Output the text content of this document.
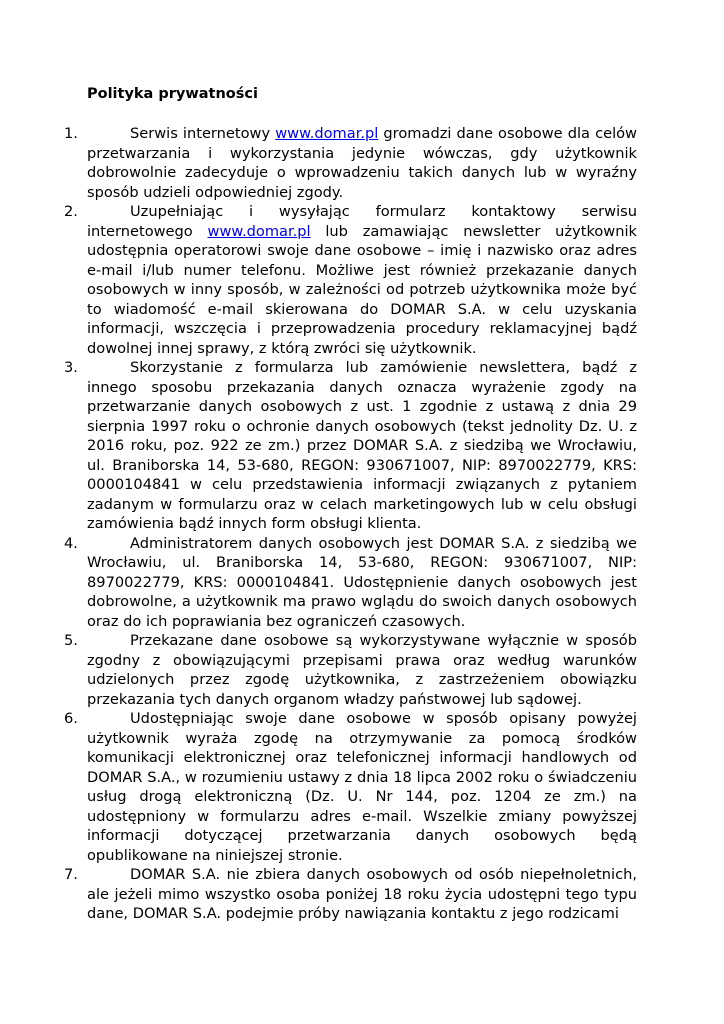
Polityka prywatności
1.	Serwis internetowy www.domar.pl gromadzi dane osobowe dla celów przetwarzania i wykorzystania jedynie wówczas, gdy użytkownik dobrowolnie zadecyduje o wprowadzeniu takich danych lub w wyraźny sposób udzieli odpowiedniej zgody.

2.	Uzupełniając i wysyłając formularz kontaktowy serwisu internetowego www.domar.pl lub zamawiając newsletter użytkownik udostępnia operatorowi swoje dane osobowe – imię i nazwisko oraz adres e-mail i/lub numer telefonu. Możliwe jest również przekazanie danych osobowych w inny sposób, w zależności od potrzeb użytkownika może być to wiadomość e-mail skierowana do DOMAR S.A. w celu uzyskania informacji, wszczęcia i przeprowadzenia procedury reklamacyjnej bądź dowolnej innej sprawy, z którą zwróci się użytkownik.

3.	Skorzystanie z formularza lub zamówienie newslettera, bądź z innego sposobu przekazania danych oznacza wyrażenie zgody na przetwarzanie danych osobowych z ust. 1 zgodnie z ustawą z dnia 29 sierpnia 1997 roku o ochronie danych osobowych (tekst jednolity Dz. U. z 2016 roku, poz. 922 ze zm.) przez DOMAR S.A. z siedzibą we Wrocławiu, ul. Braniborska 14, 53-680, REGON: 930671007, NIP: 8970022779, KRS: 0000104841 w celu przedstawienia informacji związanych z pytaniem zadanym w formularzu oraz w celach marketingowych lub w celu obsługi zamówienia bądź innych form obsługi klienta.

4.	Administratorem danych osobowych jest DOMAR S.A. z siedzibą we Wrocławiu, ul. Braniborska 14, 53-680, REGON: 930671007, NIP: 8970022779, KRS: 0000104841. Udostępnienie danych osobowych jest dobrowolne, a użytkownik ma prawo wglądu do swoich danych osobowych oraz do ich poprawiania bez ograniczeń czasowych.

5.	Przekazane dane osobowe są wykorzystywane wyłącznie w sposób zgodny z obowiązującymi przepisami prawa oraz według warunków udzielonych przez zgodę użytkownika, z zastrzeżeniem obowiązku przekazania tych danych organom władzy państwowej lub sądowej.

6.	Udostępniając swoje dane osobowe w sposób opisany powyżej użytkownik wyraża zgodę na otrzymywanie za pomocą środków komunikacji elektronicznej oraz telefonicznej informacji handlowych od DOMAR S.A., w rozumieniu ustawy z dnia 18 lipca 2002 roku o świadczeniu usług drogą elektroniczną (Dz. U. Nr 144, poz. 1204 ze zm.) na udostępniony w formularzu adres e-mail. Wszelkie zmiany powyższej informacji dotyczącej przetwarzania danych osobowych będą opublikowane na niniejszej stronie.

7.	DOMAR S.A. nie zbiera danych osobowych od osób niepełnoletnich, ale jeżeli mimo wszystko osoba poniżej 18 roku życia udostępni tego typu dane, DOMAR S.A. podejmie próby nawiązania kontaktu z jego rodzicami
